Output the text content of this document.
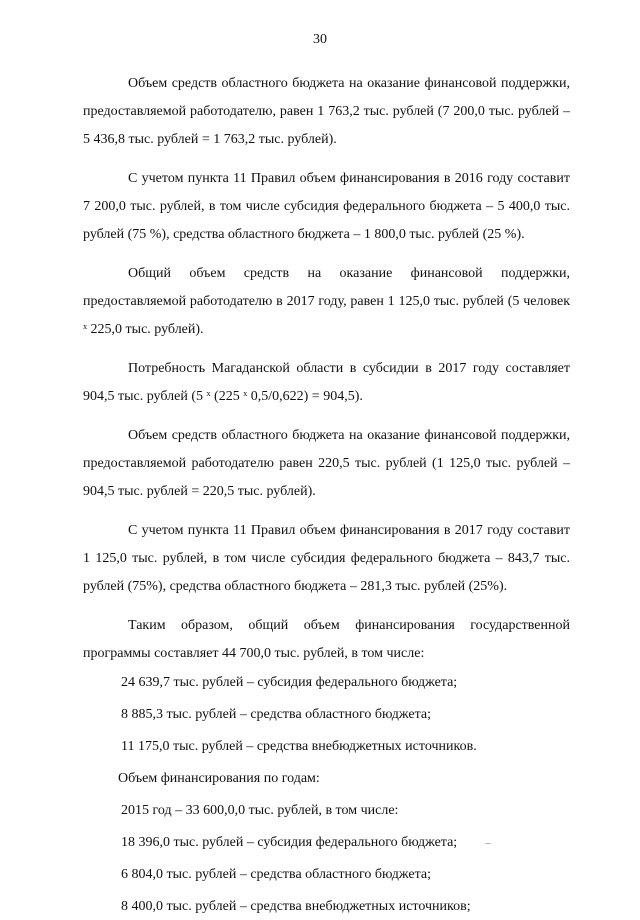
30

Объем средств областного бюджета на оказание финансовой поддержки, предоставляемой работодателю, равен 1 763,2 тыс. рублей (7 200,0 тыс. рублей – 5 436,8 тыс. рублей = 1 763,2 тыс. рублей).

С учетом пункта 11 Правил объем финансирования в 2016 году составит 7 200,0 тыс. рублей, в том числе субсидия федерального бюджета – 5 400,0 тыс. рублей (75 %), средства областного бюджета – 1 800,0 тыс. рублей (25 %).

Общий объем средств на оказание финансовой поддержки, предоставляемой работодателю в 2017 году, равен 1 125,0 тыс. рублей (5 человек ˣ 225,0 тыс. рублей).

Потребность Магаданской области в субсидии в 2017 году составляет 904,5 тыс. рублей (5 ˣ (225 ˣ 0,5/0,622) = 904,5).

Объем средств областного бюджета на оказание финансовой поддержки, предоставляемой работодателю равен 220,5 тыс. рублей (1 125,0 тыс. рублей – 904,5 тыс. рублей = 220,5 тыс. рублей).

С учетом пункта 11 Правил объем финансирования в 2017 году составит 1 125,0 тыс. рублей, в том числе субсидия федерального бюджета – 843,7 тыс. рублей (75%), средства областного бюджета – 281,3 тыс. рублей (25%).

Таким образом, общий объем финансирования государственной программы составляет 44 700,0 тыс. рублей, в том числе:

24 639,7 тыс. рублей – субсидия федерального бюджета;

8 885,3 тыс. рублей – средства областного бюджета;

11 175,0 тыс. рублей – средства внебюджетных источников.

Объем финансирования по годам:

2015 год – 33 600,0,0 тыс. рублей, в том числе:

18 396,0 тыс. рублей – субсидия федерального бюджета;

6 804,0 тыс. рублей – средства областного бюджета;

8 400,0 тыс. рублей – средства внебюджетных источников;
